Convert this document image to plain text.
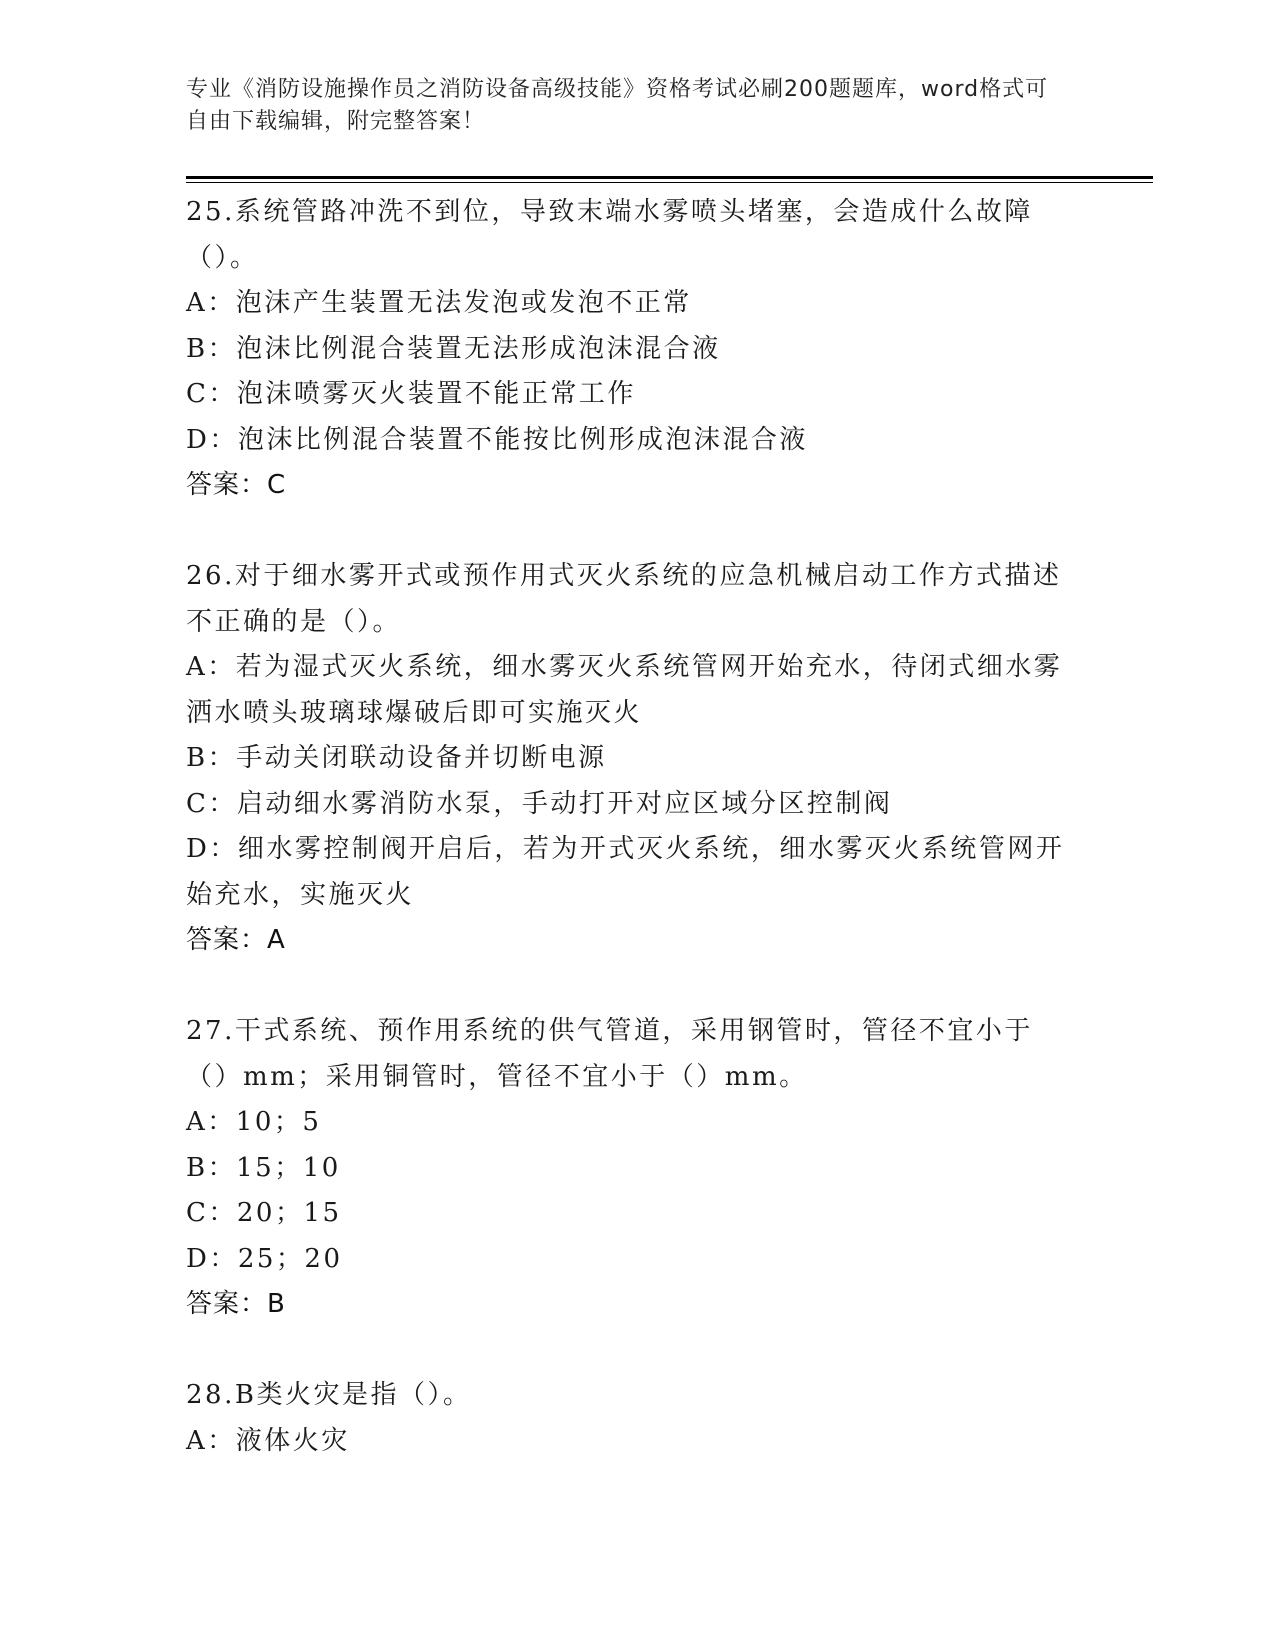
专业《消防设施操作员之消防设备高级技能》资格考试必刷200题题库，word格式可自由下载编辑，附完整答案！
25.系统管路冲洗不到位，导致末端水雾喷头堵塞，会造成什么故障（）。
A：泡沫产生装置无法发泡或发泡不正常
B：泡沫比例混合装置无法形成泡沫混合液
C：泡沫喷雾灭火装置不能正常工作
D：泡沫比例混合装置不能按比例形成泡沫混合液
答案：C
26.对于细水雾开式或预作用式灭火系统的应急机械启动工作方式描述不正确的是（）。
A：若为湿式灭火系统，细水雾灭火系统管网开始充水，待闭式细水雾洒水喷头玻璃球爆破后即可实施灭火
B：手动关闭联动设备并切断电源
C：启动细水雾消防水泵，手动打开对应区域分区控制阀
D：细水雾控制阀开启后，若为开式灭火系统，细水雾灭火系统管网开始充水，实施灭火
答案：A
27.干式系统、预作用系统的供气管道，采用钢管时，管径不宜小于（）mm；采用铜管时，管径不宜小于（）mm。
A：10；5
B：15；10
C：20；15
D：25；20
答案：B
28.B类火灾是指（）。
A：液体火灾
